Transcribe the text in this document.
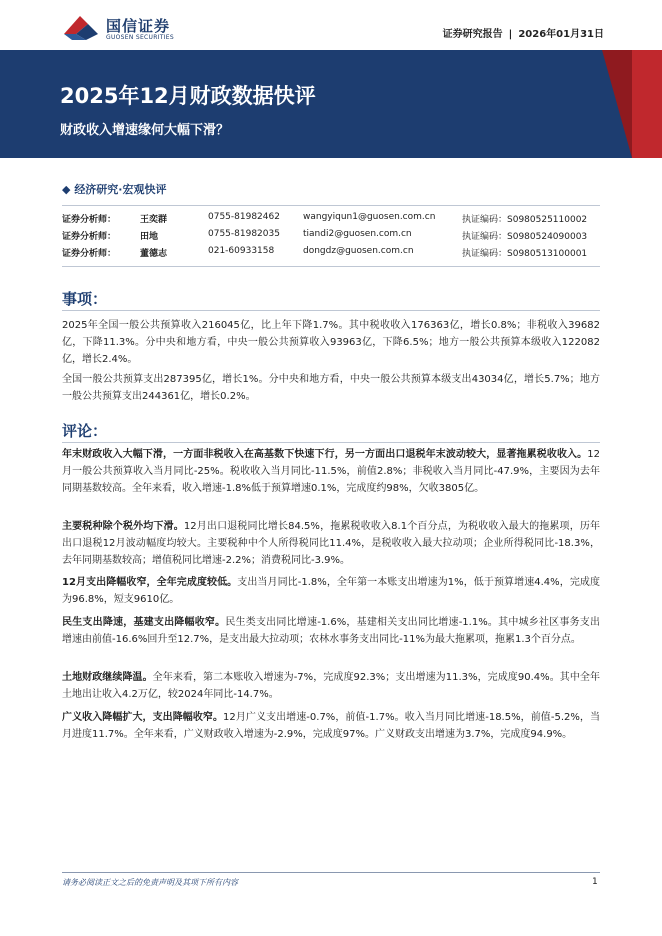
国信证券
GUOSEN SECURITIES	证券研究报告 | 2026年01月31日
2025年12月财政数据快评
财政收入增速缘何大幅下滑？
◆ 经济研究·宏观快评
证券分析师：	王奕群	0755-81982462	wangyiqun1@guosen.com.cn	执证编码：S0980525110002
证券分析师：	田地	0755-81982035	tiandi2@guosen.com.cn	执证编码：S0980524090003
证券分析师：	董德志	021-60933158	dongdz@guosen.com.cn	执证编码：S0980513100001
事项：
2025年全国一般公共预算收入216045亿，比上年下降1.7%。其中税收收入176363亿，增长0.8%；非税收入39682亿，下降11.3%。分中央和地方看，中央一般公共预算收入93963亿，下降6.5%；地方一般公共预算本级收入122082亿，增长2.4%。
全国一般公共预算支出287395亿，增长1%。分中央和地方看，中央一般公共预算本级支出43034亿，增长5.7%；地方一般公共预算支出244361亿，增长0.2%。
评论：
年末财政收入大幅下滑，一方面非税收入在高基数下快速下行，另一方面出口退税年末波动较大，显著拖累税收收入。12月一般公共预算收入当月同比-25%。税收收入当月同比-11.5%，前值2.8%；非税收入当月同比-47.9%，主要因为去年同期基数较高。全年来看，收入增速-1.8%低于预算增速0.1%，完成度约98%，欠收3805亿。
主要税种除个税外均下滑。12月出口退税同比增长84.5%，拖累税收收入8.1个百分点，为税收收入最大的拖累项，历年出口退税12月波动幅度均较大。主要税种中个人所得税同比11.4%，是税收收入最大拉动项；企业所得税同比-18.3%，去年同期基数较高；增值税同比增速-2.2%；消费税同比-3.9%。
12月支出降幅收窄，全年完成度较低。支出当月同比-1.8%，全年第一本账支出增速为1%，低于预算增速4.4%，完成度为96.8%，短支9610亿。
民生支出降速，基建支出降幅收窄。民生类支出同比增速-1.6%，基建相关支出同比增速-1.1%。其中城乡社区事务支出增速由前值-16.6%回升至12.7%，是支出最大拉动项；农林水事务支出同比-11%为最大拖累项，拖累1.3个百分点。
土地财政继续降温。全年来看，第二本账收入增速为-7%，完成度92.3%；支出增速为11.3%，完成度90.4%。其中全年土地出让收入4.2万亿，较2024年同比-14.7%。
广义收入降幅扩大，支出降幅收窄。12月广义支出增速-0.7%，前值-1.7%。收入当月同比增速-18.5%，前值-5.2%，当月进度11.7%。全年来看，广义财政收入增速为-2.9%，完成度97%。广义财政支出增速为3.7%，完成度94.9%。
请务必阅读正文之后的免责声明及其项下所有内容	1
